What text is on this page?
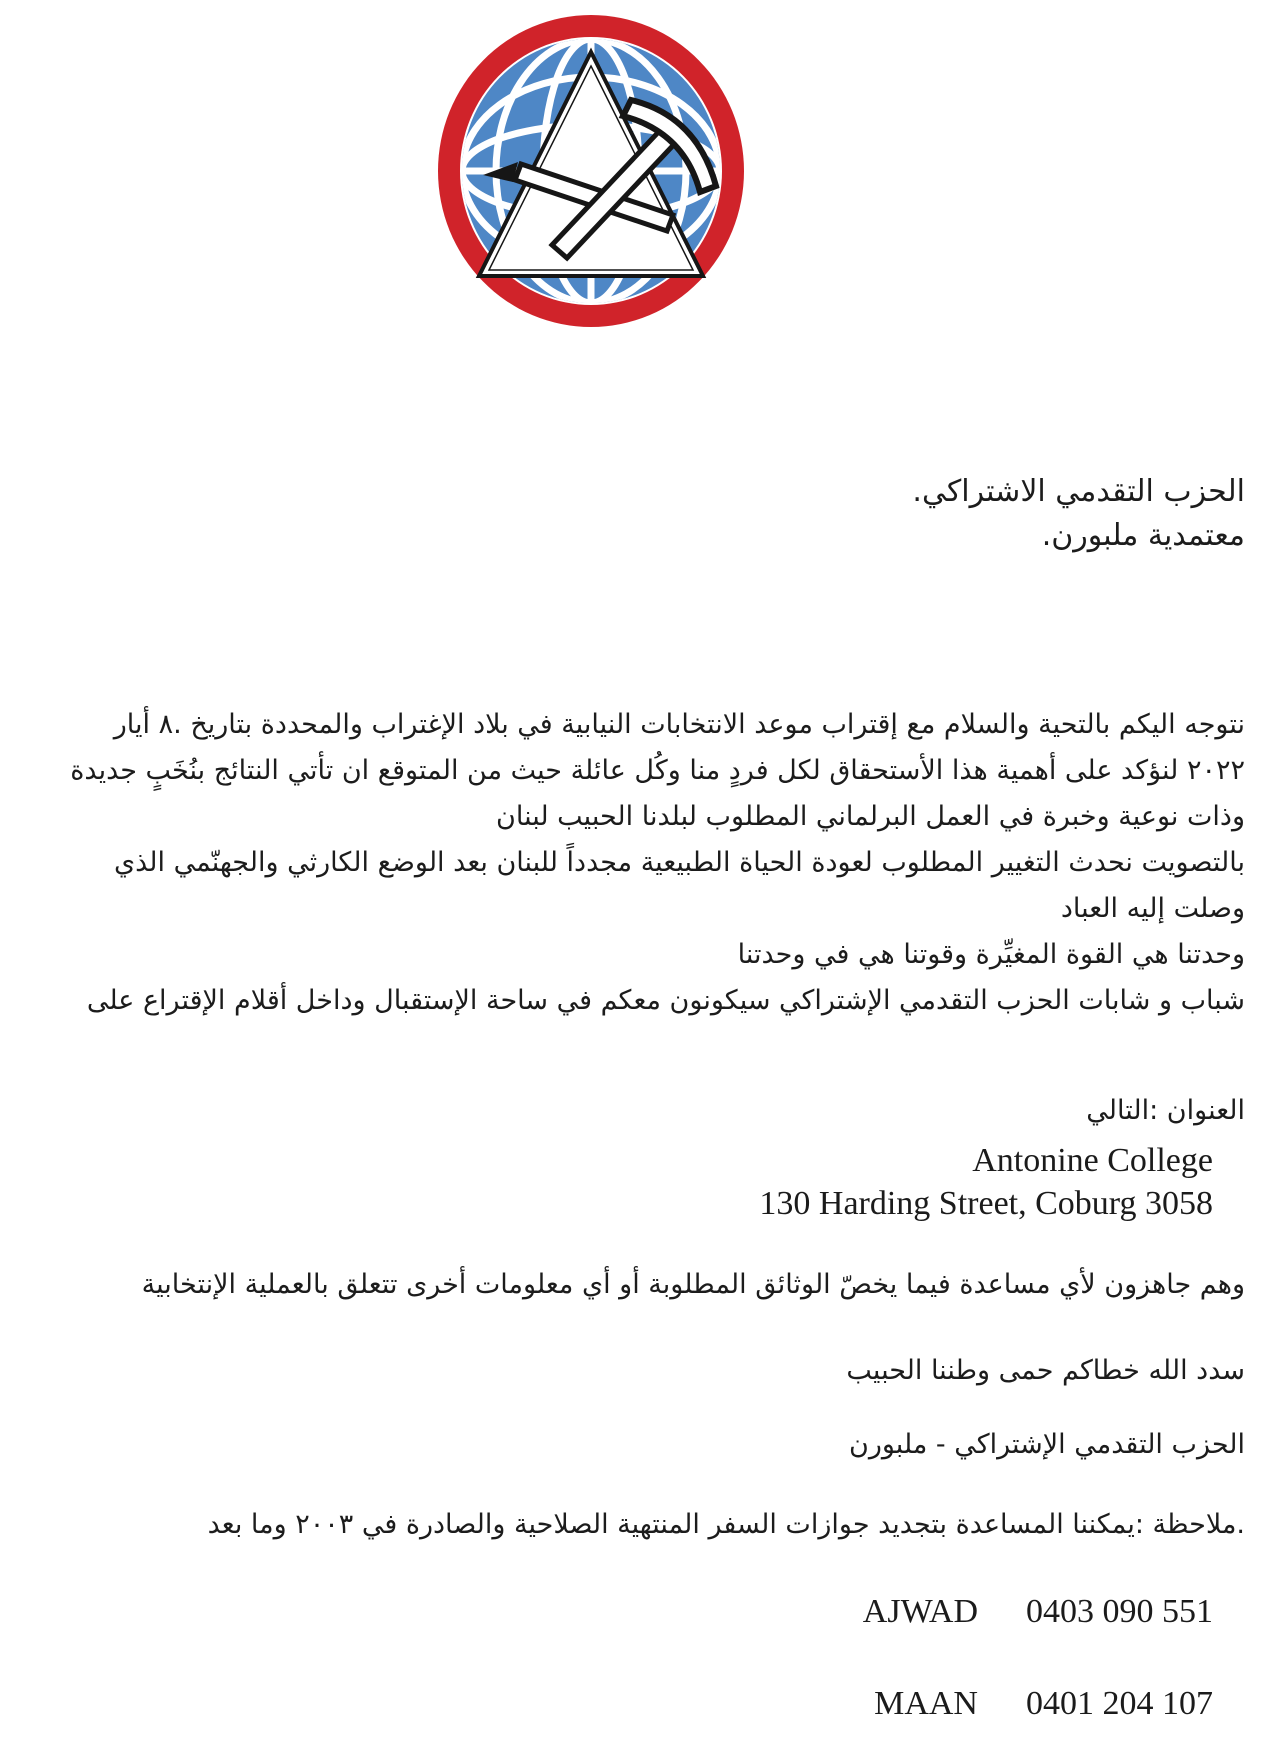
الحزب التقدمي الاشتراكي.
معتمدية ملبورن.
نتوجه اليكم بالتحية والسلام مع إقتراب موعد الانتخابات النيابية في بلاد الإغتراب والمحددة بتاريخ .٨ أيار
٢٠٢٢ لنؤكد على أهمية هذا الأستحقاق لكل فردٍ منا وكُل عائلة حيث من المتوقع ان تأتي النتائج بنُخَبٍ جديدة
وذات نوعية وخبرة في العمل البرلماني المطلوب لبلدنا الحبيب لبنان
بالتصويت نحدث التغيير المطلوب لعودة الحياة الطبيعية مجدداً للبنان بعد الوضع الكارثي والجهنّمي الذي
وصلت إليه العباد
وحدتنا هي القوة المغيِّرة وقوتنا هي في وحدتنا
شباب و شابات الحزب التقدمي الإشتراكي سيكونون معكم في ساحة الإستقبال وداخل أقلام الإقتراع على
العنوان :التالي
Antonine College
130 Harding Street, Coburg 3058
وهم جاهزون لأي مساعدة فيما يخصّ الوثائق المطلوبة أو أي معلومات أخرى تتعلق بالعملية الإنتخابية
سدد الله خطاكم حمى وطننا الحبيب
الحزب التقدمي الإشتراكي - ملبورن
.ملاحظة :يمكننا المساعدة بتجديد جوازات السفر المنتهية الصلاحية والصادرة في ٢٠٠٣ وما بعد
AJWAD 0403 090 551
MAAN 0401 204 107
